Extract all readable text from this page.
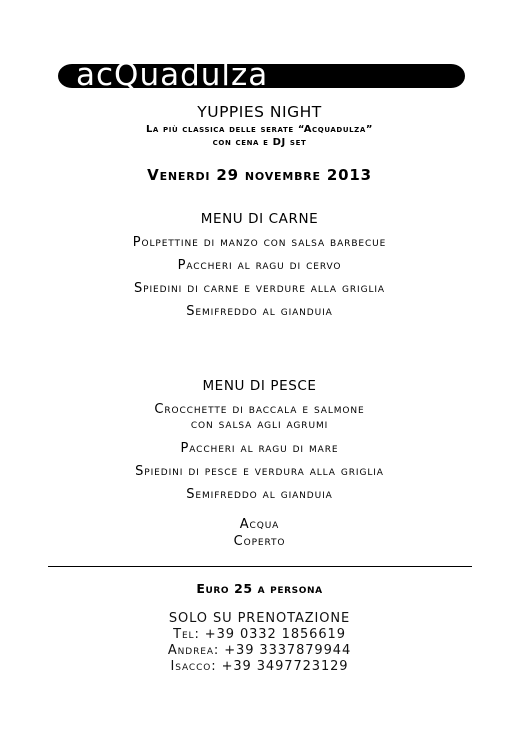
acQuadulza
YUPPIES NIGHT
La più classica delle serate “Acquadulza”
con cena e DJ set
Venerdi 29 novembre 2013
MENU DI CARNE
Polpettine di manzo con salsa barbecue
Paccheri al ragu di cervo
Spiedini di carne e verdure alla griglia
Semifreddo al gianduia
MENU DI PESCE
Crocchette di baccala e salmone
con salsa agli agrumi
Paccheri al ragu di mare
Spiedini di pesce e verdura alla griglia
Semifreddo al gianduia
Acqua
Coperto
Euro 25 a persona
SOLO SU PRENOTAZIONE
Tel: +39 0332 1856619
Andrea: +39 3337879944
Isacco: +39 3497723129
